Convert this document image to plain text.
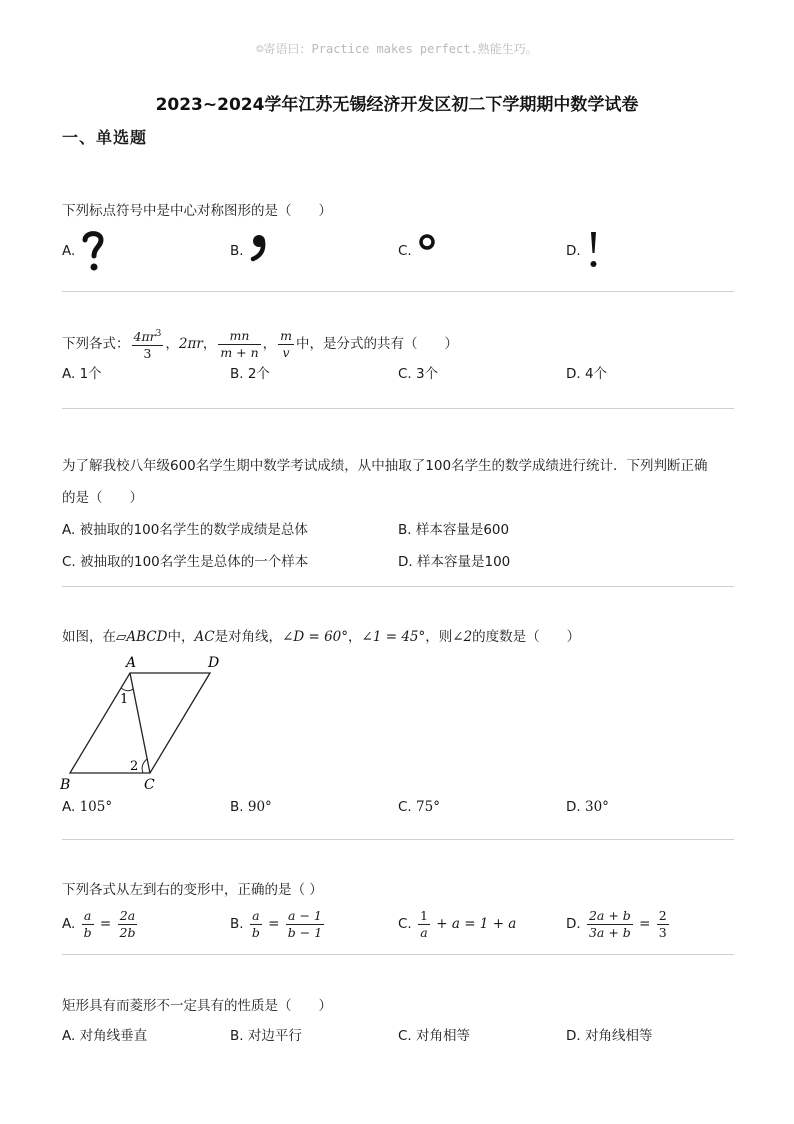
☺寄语曰：Practice makes perfect.熟能生巧。
2023~2024学年江苏无锡经济开发区初二下学期期中数学试卷
一、单选题
下列标点符号中是中心对称图形的是（　　）
A.	B.	C.	D.
下列各式： $\frac{4\pi r^3}{3}$ ，2πr， $\frac{mn}{m + n}$ ， $\frac{m}{v}$ 中，是分式的共有（　　）
A. 1个	B. 2个	C. 3个	D. 4个
为了解我校八年级600名学生期中数学考试成绩，从中抽取了100名学生的数学成绩进行统计．下列判断正确
的是（　　）
A. 被抽取的100名学生的数学成绩是总体	B. 样本容量是600
C. 被抽取的100名学生是总体的一个样本	D. 样本容量是100
如图，在▱ABCD中，AC是对角线，∠D = 60°，∠1 = 45°，则∠2的度数是（　　）
A	D
B	C
1
2
A. 105°	B. 90°	C. 75°	D. 30°
下列各式从左到右的变形中，正确的是（ ）
A. $\frac{a}{b} = \frac{2a}{2b}$	B. $\frac{a}{b} = \frac{a - 1}{b - 1}$	C. $\frac{1}{a} + a = 1 + a$	D. $\frac{2a + b}{3a + b} = \frac{2}{3}$
矩形具有而菱形不一定具有的性质是（　　）
A. 对角线垂直	B. 对边平行	C. 对角相等	D. 对角线相等
